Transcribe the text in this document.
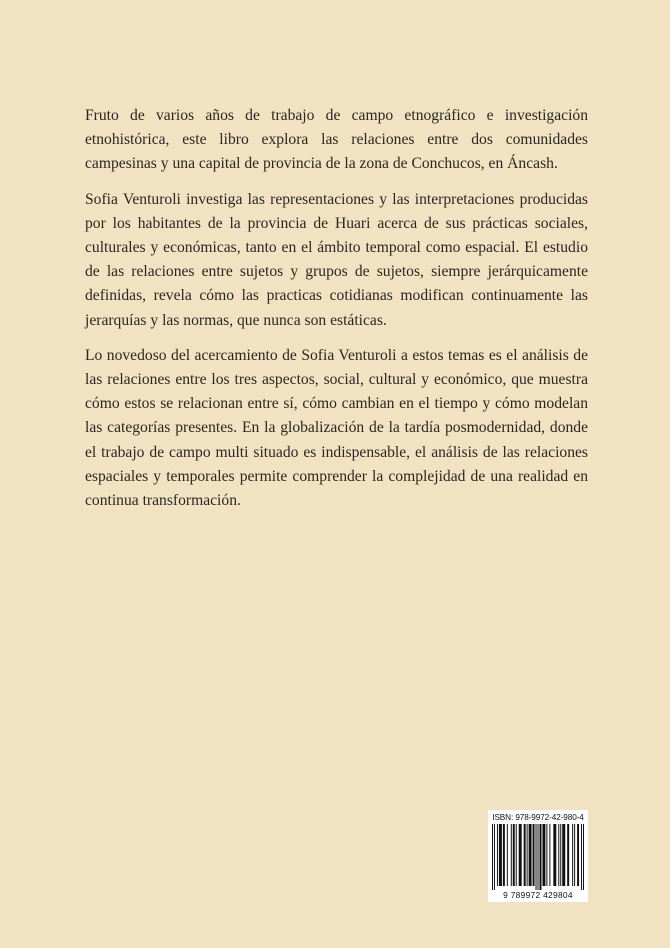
Fruto de varios años de trabajo de campo etnográfico e investigación etnohistórica, este libro explora las relaciones entre dos comunidades campesinas y una capital de provincia de la zona de Conchucos, en Áncash.

Sofia Venturoli investiga las representaciones y las interpretaciones producidas por los habitantes de la provincia de Huari acerca de sus prácticas sociales, culturales y económicas, tanto en el ámbito temporal como espacial. El estudio de las relaciones entre sujetos y grupos de sujetos, siempre jerárquicamente definidas, revela cómo las practicas cotidianas modifican continuamente las jerarquías y las normas, que nunca son estáticas.

Lo novedoso del acercamiento de Sofia Venturoli a estos temas es el análisis de las relaciones entre los tres aspectos, social, cultural y económico, que muestra cómo estos se relacionan entre sí, cómo cambian en el tiempo y cómo modelan las categorías presentes. En la globalización de la tardía posmodernidad, donde el trabajo de campo multi situado es indispensable, el análisis de las relaciones espaciales y temporales permite comprender la complejidad de una realidad en continua transformación.

ISBN: 978-9972-42-980-4
9 789972 429804
